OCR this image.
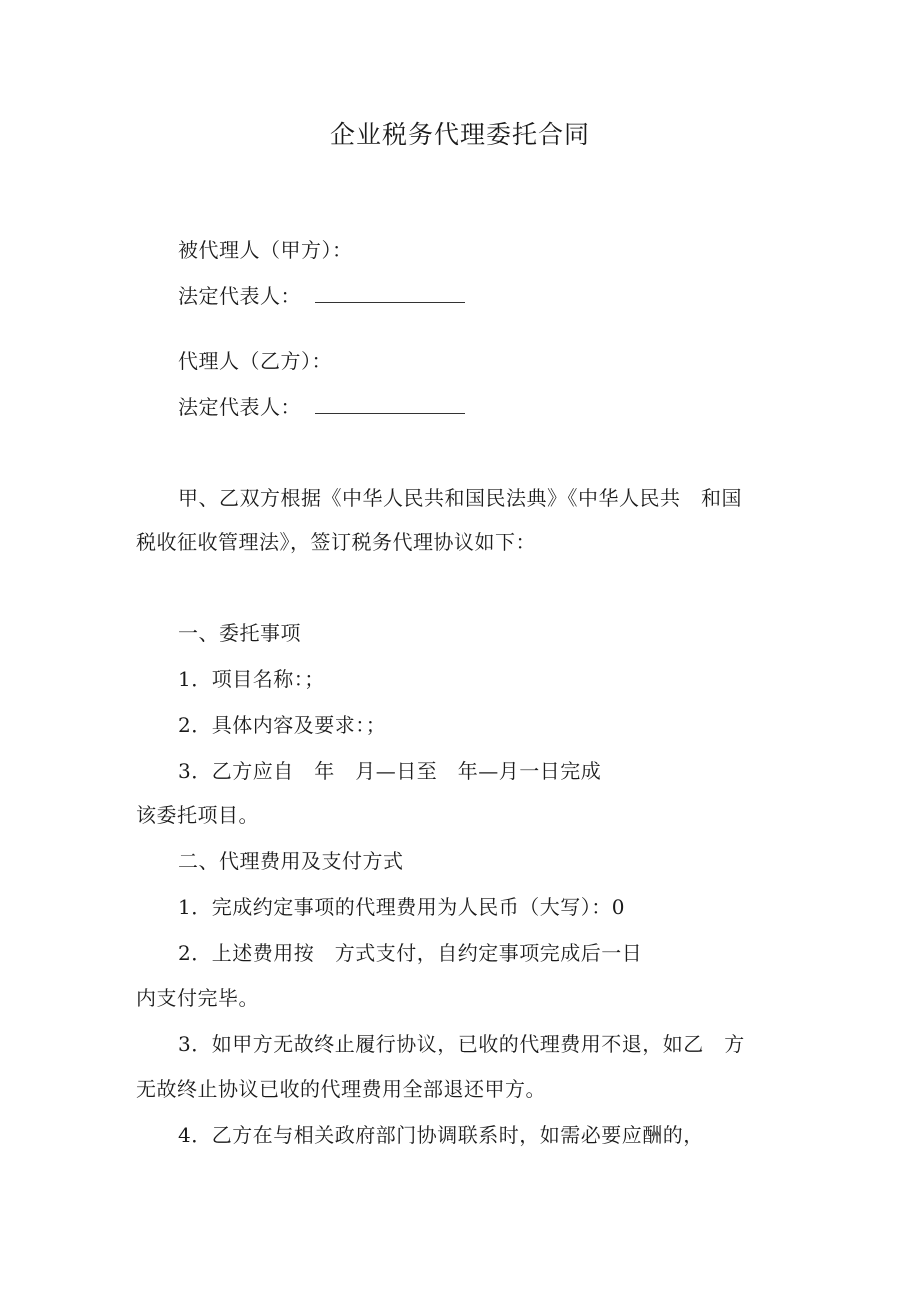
企业税务代理委托合同
被代理人（甲方）：
法定代表人：
代理人（乙方）：
法定代表人：
甲、乙双方根据《中华人民共和国民法典》《中华人民共　和国
税收征收管理法》，签订税务代理协议如下：
一、委托事项
1．项目名称：；
2．具体内容及要求：；
3．乙方应自　年　月—日至　年—月一日完成
该委托项目。
二、代理费用及支付方式
1．完成约定事项的代理费用为人民币（大写）：0
2．上述费用按　方式支付，自约定事项完成后一日
内支付完毕。
3．如甲方无故终止履行协议，已收的代理费用不退，如乙　方
无故终止协议已收的代理费用全部退还甲方。
4．乙方在与相关政府部门协调联系时，如需必要应酬的，
